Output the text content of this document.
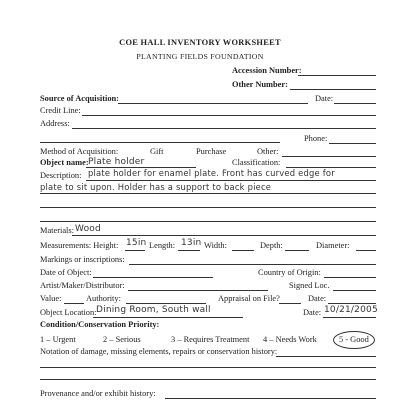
COE HALL INVENTORY WORKSHEET
PLANTING FIELDS FOUNDATION
Accession Number:
Other Number:
Source of Acquisition:	Date:
Credit Line:
Address:
Phone:
Method of Acquisition:	Gift	Purchase	Other:
Object name: Plate holder	Classification:
Description: plate holder for enamel plate. Front has curved edge for
plate to sit upon. Holder has a support to back piece
Materials: Wood
Measurements: Height: 15in Length: 13in Width:	Depth:	Diameter:
Markings or inscriptions:
Date of Object:	Country of Origin:
Artist/Maker/Distributor:	Signed Loc.
Value:	Authority:	Appraisal on File?	Date:
Object Location: Dining Room, South wall	Date: 10/21/2005
Condition/Conservation Priority:
1 – Urgent	2 – Serious	3 – Requires Treatment 4 – Needs Work	5 - Good
Notation of damage, missing elements, repairs or conservation history:
Provenance and/or exhibit history:
